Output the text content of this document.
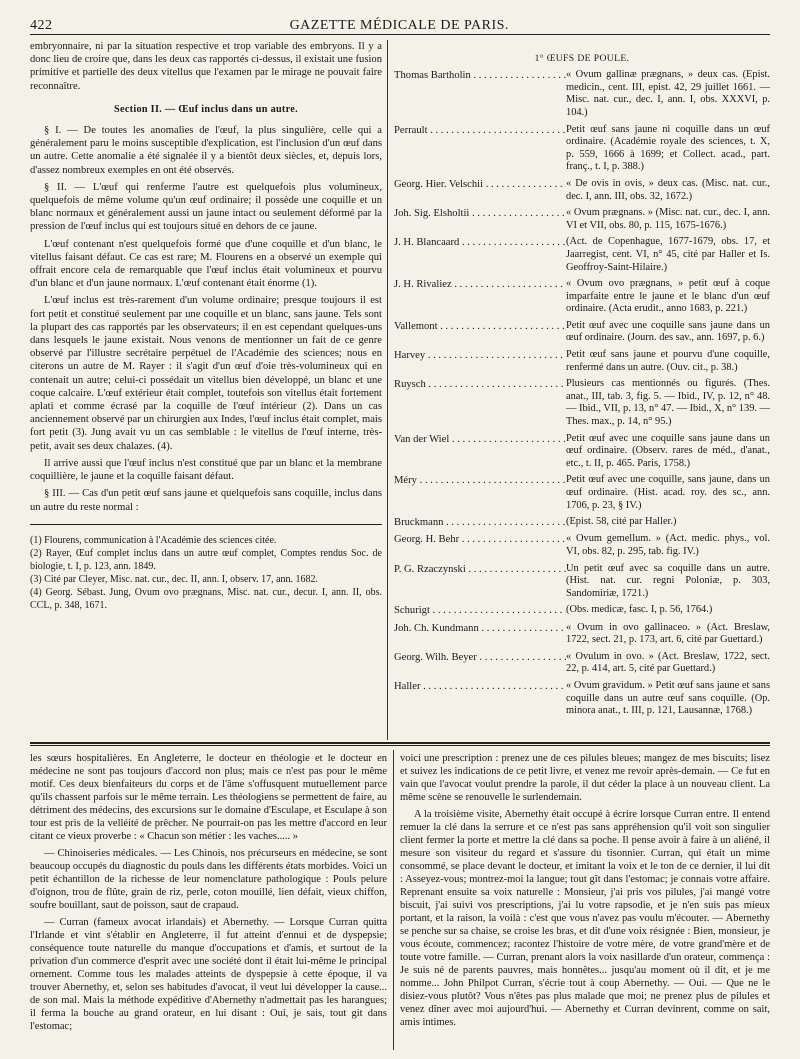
422	GAZETTE MÉDICALE DE PARIS.

embryonnaire, ni par la situation respective et trop variable des embryons. Il y a donc lieu de croire que, dans les deux cas rapportés ci-dessus, il existait une fusion primitive et partielle des deux vitellus que l'examen par le mirage ne pouvait faire reconnaître.

Section II. — Œuf inclus dans un autre.

§ I. — De toutes les anomalies de l'œuf, la plus singulière, celle qui a généralement paru le moins susceptible d'explication, est l'inclusion d'un œuf dans un autre. Cette anomalie a été signalée il y a bientôt deux siècles, et, depuis lors, d'assez nombreux exemples en ont été observés.

§ II. — L'œuf qui renferme l'autre est quelquefois plus volumineux, quelquefois de même volume qu'un œuf ordinaire; il possède une coquille et un blanc normaux et généralement aussi un jaune intact ou seulement déformé par la pression de l'œuf inclus qui est toujours situé en dehors de ce jaune.

L'œuf contenant n'est quelquefois formé que d'une coquille et d'un blanc, le vitellus faisant défaut. Ce cas est rare; M. Flourens en a observé un exemple qui offrait encore cela de remarquable que l'œuf inclus était volumineux et pourvu d'un blanc et d'un jaune normaux. L'œuf contenant était énorme (1).

L'œuf inclus est très-rarement d'un volume ordinaire; presque toujours il est fort petit et constitué seulement par une coquille et un blanc, sans jaune. Tels sont la plupart des cas rapportés par les observateurs; il en est cependant quelques-uns dans lesquels le jaune existait. Nous venons de mentionner un fait de ce genre observé par l'illustre secrétaire perpétuel de l'Académie des sciences; nous en citerons un autre de M. Rayer : il s'agit d'un œuf d'oie très-volumineux qui en contenait un autre; celui-ci possédait un vitellus bien développé, un blanc et une coque calcaire. L'œuf extérieur était complet, toutefois son vitellus était fortement aplati et comme écrasé par la coquille de l'œuf intérieur (2). Dans un cas anciennement observé par un chirurgien aux Indes, l'œuf inclus était complet, mais fort petit (3). Jung avait vu un cas semblable : le vitellus de l'œuf interne, très-petit, avait ses deux chalazes. (4).

Il arrive aussi que l'œuf inclus n'est constitué que par un blanc et la membrane coquillière, le jaune et la coquille faisant défaut.

§ III. — Cas d'un petit œuf sans jaune et quelquefois sans coquille, inclus dans un autre du reste normal :

(1) Flourens, communication à l'Académie des sciences citée.
(2) Rayer, Œuf complet inclus dans un autre œuf complet, Comptes rendus Soc. de biologie, t. I, p. 123, ann. 1849.
(3) Cité par Cleyer, Misc. nat. cur., dec. II, ann. I, observ. 17, ann. 1682.
(4) Georg. Sébast. Jung, Ovum ovo prægnans, Misc. nat. cur., decur. I, ann. II, obs. CCL, p. 348, 1671.
1° ŒUFS DE POULE.
Thomas Bartholin . . .	« Ovum gallinæ prægnans, » deux cas. (Epist. medicin., cent. III, epist. 42, 29 juillet 1661. — Misc. nat. cur., dec. I, ann. I, obs. XXXVI, p. 104.)
Perrault . . .	Petit œuf sans jaune ni coquille dans un œuf ordinaire. (Académie royale des sciences, t. X, p. 559, 1666 à 1699; et Collect. acad., part. franç., t. I, p. 388.)
Georg. Hier. Velschii . . .	« De ovis in ovis, » deux cas. (Misc. nat. cur., dec. I, ann. III, obs. 32, 1672.)
Joh. Sig. Elsholtii . . .	« Ovum prægnans. » (Misc. nat. cur., dec. I, ann. VI et VII, obs. 80, p. 115, 1675-1676.)
J. H. Blancaard . . .	(Act. de Copenhague, 1677-1679, obs. 17, et Jaarregist, cent. VI, n° 45, cité par Haller et Is. Geoffroy-Saint-Hilaire.)
J. H. Rivaliez . . .	« Ovum ovo prægnans, » petit œuf à coque imparfaite entre le jaune et le blanc d'un œuf ordinaire. (Acta erudit., anno 1683, p. 221.)
Vallemont . . .	Petit œuf avec une coquille sans jaune dans un œuf ordinaire. (Journ. des sav., ann. 1697, p. 6.)
Harvey . . .	Petit œuf sans jaune et pourvu d'une coquille, renfermé dans un autre. (Ouv. cit., p. 38.)
Ruysch . . .	Plusieurs cas mentionnés ou figurés. (Thes. anat., III, tab. 3, fig. 5. — Ibid., IV, p. 12, n° 48. — Ibid., VII, p. 13, n° 47. — Ibid., X, n° 139. — Thes. max., p. 14, n° 95.)
Van der Wiel . . .	Petit œuf avec une coquille sans jaune dans un œuf ordinaire. (Observ. rares de méd., d'anat., etc., t. II, p. 465. Paris, 1758.)
Méry . . .	Petit œuf avec une coquille, sans jaune, dans un œuf ordinaire. (Hist. acad. roy. des sc., ann. 1706, p. 23, § IV.)
Bruckmann . . .	(Epist. 58, cité par Haller.)
Georg. H. Behr . . .	« Ovum gemellum. » (Act. medic. phys., vol. VI, obs. 82, p. 295, tab. fig. IV.)
P. G. Rzaczynski . . .	Un petit œuf avec sa coquille dans un autre. (Hist. nat. cur. regni Poloniæ, p. 303, Sandomiriæ, 1721.)
Schurigt . . .	(Obs. medicæ, fasc. I, p. 56, 1764.)
Joh. Ch. Kundmann . . .	« Ovum in ovo gallinaceo. » (Act. Breslaw, 1722, sect. 21, p. 173, art. 6, cité par Guettard.)
Georg. Wilh. Beyer . . .	« Ovulum in ovo. » (Act. Breslaw, 1722, sect. 22, p. 414, art. 5, cité par Guettard.)
Haller . . .	« Ovum gravidum. » Petit œuf sans jaune et sans coquille dans un autre œuf sans coquille. (Op. minora anat., t. III, p. 121, Lausannæ, 1768.)

les sœurs hospitalières. En Angleterre, le docteur en théologie et le docteur en médecine ne sont pas toujours d'accord non plus; mais ce n'est pas pour le même motif. Ces deux bienfaiteurs du corps et de l'âme s'offusquent mutuellement parce qu'ils chassent parfois sur le même terrain. Les théologiens se permettent de faire, au détriment des médecins, des excursions sur le domaine d'Esculape, et Esculape à son tour est pris de la velléité de prêcher. Ne pourrait-on pas les mettre d'accord en leur citant ce vieux proverbe : « Chacun son métier : les vaches..... »

— Chinoiseries médicales. — Les Chinois, nos précurseurs en médecine, se sont beaucoup occupés du diagnostic du pouls dans les différents états morbides. Voici un petit échantillon de la richesse de leur nomenclature pathologique : Pouls pelure d'oignon, trou de flûte, grain de riz, perle, coton mouillé, lien défait, vieux chiffon, soufre bouillant, saut de poisson, saut de crapaud.

— Curran (fameux avocat irlandais) et Abernethy. — Lorsque Curran quitta l'Irlande et vint s'établir en Angleterre, il fut atteint d'ennui et de dyspepsie; conséquence toute naturelle du manque d'occupations et d'amis, et surtout de la privation d'un commerce d'esprit avec une société dont il était lui-même le principal ornement. Comme tous les malades atteints de dyspepsie à cette époque, il va trouver Abernethy, et, selon ses habitudes d'avocat, il veut lui développer la cause... de son mal. Mais la méthode expéditive d'Abernethy n'admettait pas les harangues; il ferma la bouche au grand orateur, en lui disant : Oui, je sais, tout git dans l'estomac;

voici une prescription : prenez une de ces pilules bleues; mangez de mes biscuits; lisez et suivez les indications de ce petit livre, et venez me revoir après-demain. — Ce fut en vain que l'avocat voulut prendre la parole, il dut céder la place à un nouveau client. La même scène se renouvelle le surlendemain.

A la troisième visite, Abernethy était occupé à écrire lorsque Curran entre. Il entend remuer la clé dans la serrure et ce n'est pas sans appréhension qu'il voit son singulier client fermer la porte et mettre la clé dans sa poche. Il pense avoir à faire à un aliéné, il mesure son visiteur du regard et s'assure du tisonnier. Curran, qui était un mime consommé, se place devant le docteur, et imitant la voix et le ton de ce dernier, il lui dit : Asseyez-vous; montrez-moi la langue; tout gît dans l'estomac; je connais votre affaire. Reprenant ensuite sa voix naturelle : Monsieur, j'ai pris vos pilules, j'ai mangé votre biscuit, j'ai suivi vos prescriptions, j'ai lu votre rapsodie, et je n'en suis pas mieux portant, et la raison, la voilà : c'est que vous n'avez pas voulu m'écouter. — Abernethy se penche sur sa chaise, se croise les bras, et dit d'une voix résignée : Bien, monsieur, je vous écoute, commencez; racontez l'histoire de votre mère, de votre grand'mère et de toute votre famille. — Curran, prenant alors la voix nasillarde d'un orateur, commença : Je suis né de parents pauvres, mais honnêtes... jusqu'au moment où il dit, et je me nomme... John Philpot Curran, s'écrie tout à coup Abernethy. — Oui. — Que ne le disiez-vous plutôt? Vous n'êtes pas plus malade que moi; ne prenez plus de pilules et venez dîner avec moi aujourd'hui. — Abernethy et Curran devinrent, comme on sait, amis intimes.
